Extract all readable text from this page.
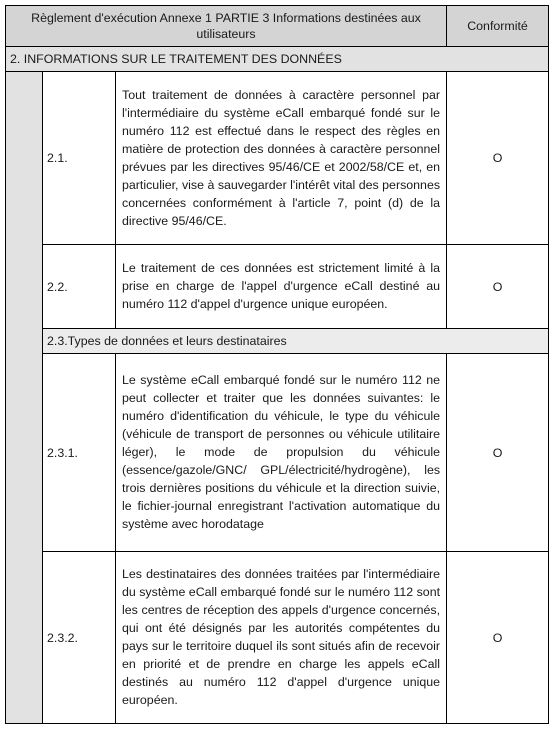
Règlement d'exécution Annexe 1 PARTIE 3 Informations destinées aux utilisateurs			Conformité
2. INFORMATIONS SUR LE TRAITEMENT DES DONNÉES			
	2.1.	Tout traitement de données à caractère personnel par l'intermédiaire du système eCall embarqué fondé sur le numéro 112 est effectué dans le respect des règles en matière de protection des données à caractère personnel prévues par les directives 95/46/CE et 2002/58/CE et, en particulier, vise à sauvegarder l'intérêt vital des personnes concernées conformément à l'article 7, point (d) de la directive 95/46/CE.	O
	2.2.	Le traitement de ces données est strictement limité à la prise en charge de l'appel d'urgence eCall destiné au numéro 112 d'appel d'urgence unique européen.	O
	2.3.Types de données et leurs destinataires		
	2.3.1.	Le système eCall embarqué fondé sur le numéro 112 ne peut collecter et traiter que les données suivantes: le numéro d'identification du véhicule, le type du véhicule (véhicule de transport de personnes ou véhicule utilitaire léger), le mode de propulsion du véhicule (essence/gazole/GNC/ GPL/électricité/hydrogène), les trois dernières positions du véhicule et la direction suivie, le fichier-journal enregistrant l'activation automatique du système avec horodatage	O
	2.3.2.	Les destinataires des données traitées par l'intermédiaire du système eCall embarqué fondé sur le numéro 112 sont les centres de réception des appels d'urgence concernés, qui ont été désignés par les autorités compétentes du pays sur le territoire duquel ils sont situés afin de recevoir en priorité et de prendre en charge les appels eCall destinés au numéro 112 d'appel d'urgence unique européen.	O
